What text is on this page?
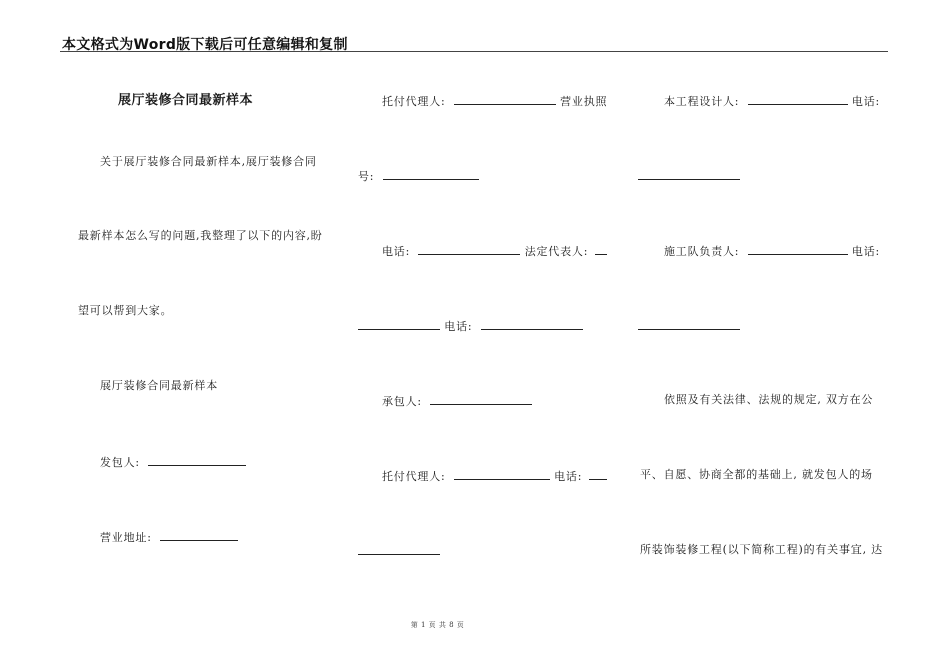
本文格式为Word版下载后可任意编辑和复制
展厅装修合同最新样本
关于展厅装修合同最新样本,展厅装修合同
最新样本怎么写的问题,我整理了以下的内容,盼
望可以帮到大家。
展厅装修合同最新样本
发包人:
营业地址:
托付代理人:	营业执照
号:
电话:	法定代表人:
电话:
承包人:
托付代理人:	电话:
本工程设计人:	电话:
施工队负责人:	电话:
依照及有关法律、法规的规定, 双方在公
平、自愿、协商全都的基础上, 就发包人的场
所装饰装修工程(以下简称工程)的有关事宜, 达
第 1 页 共 8 页
